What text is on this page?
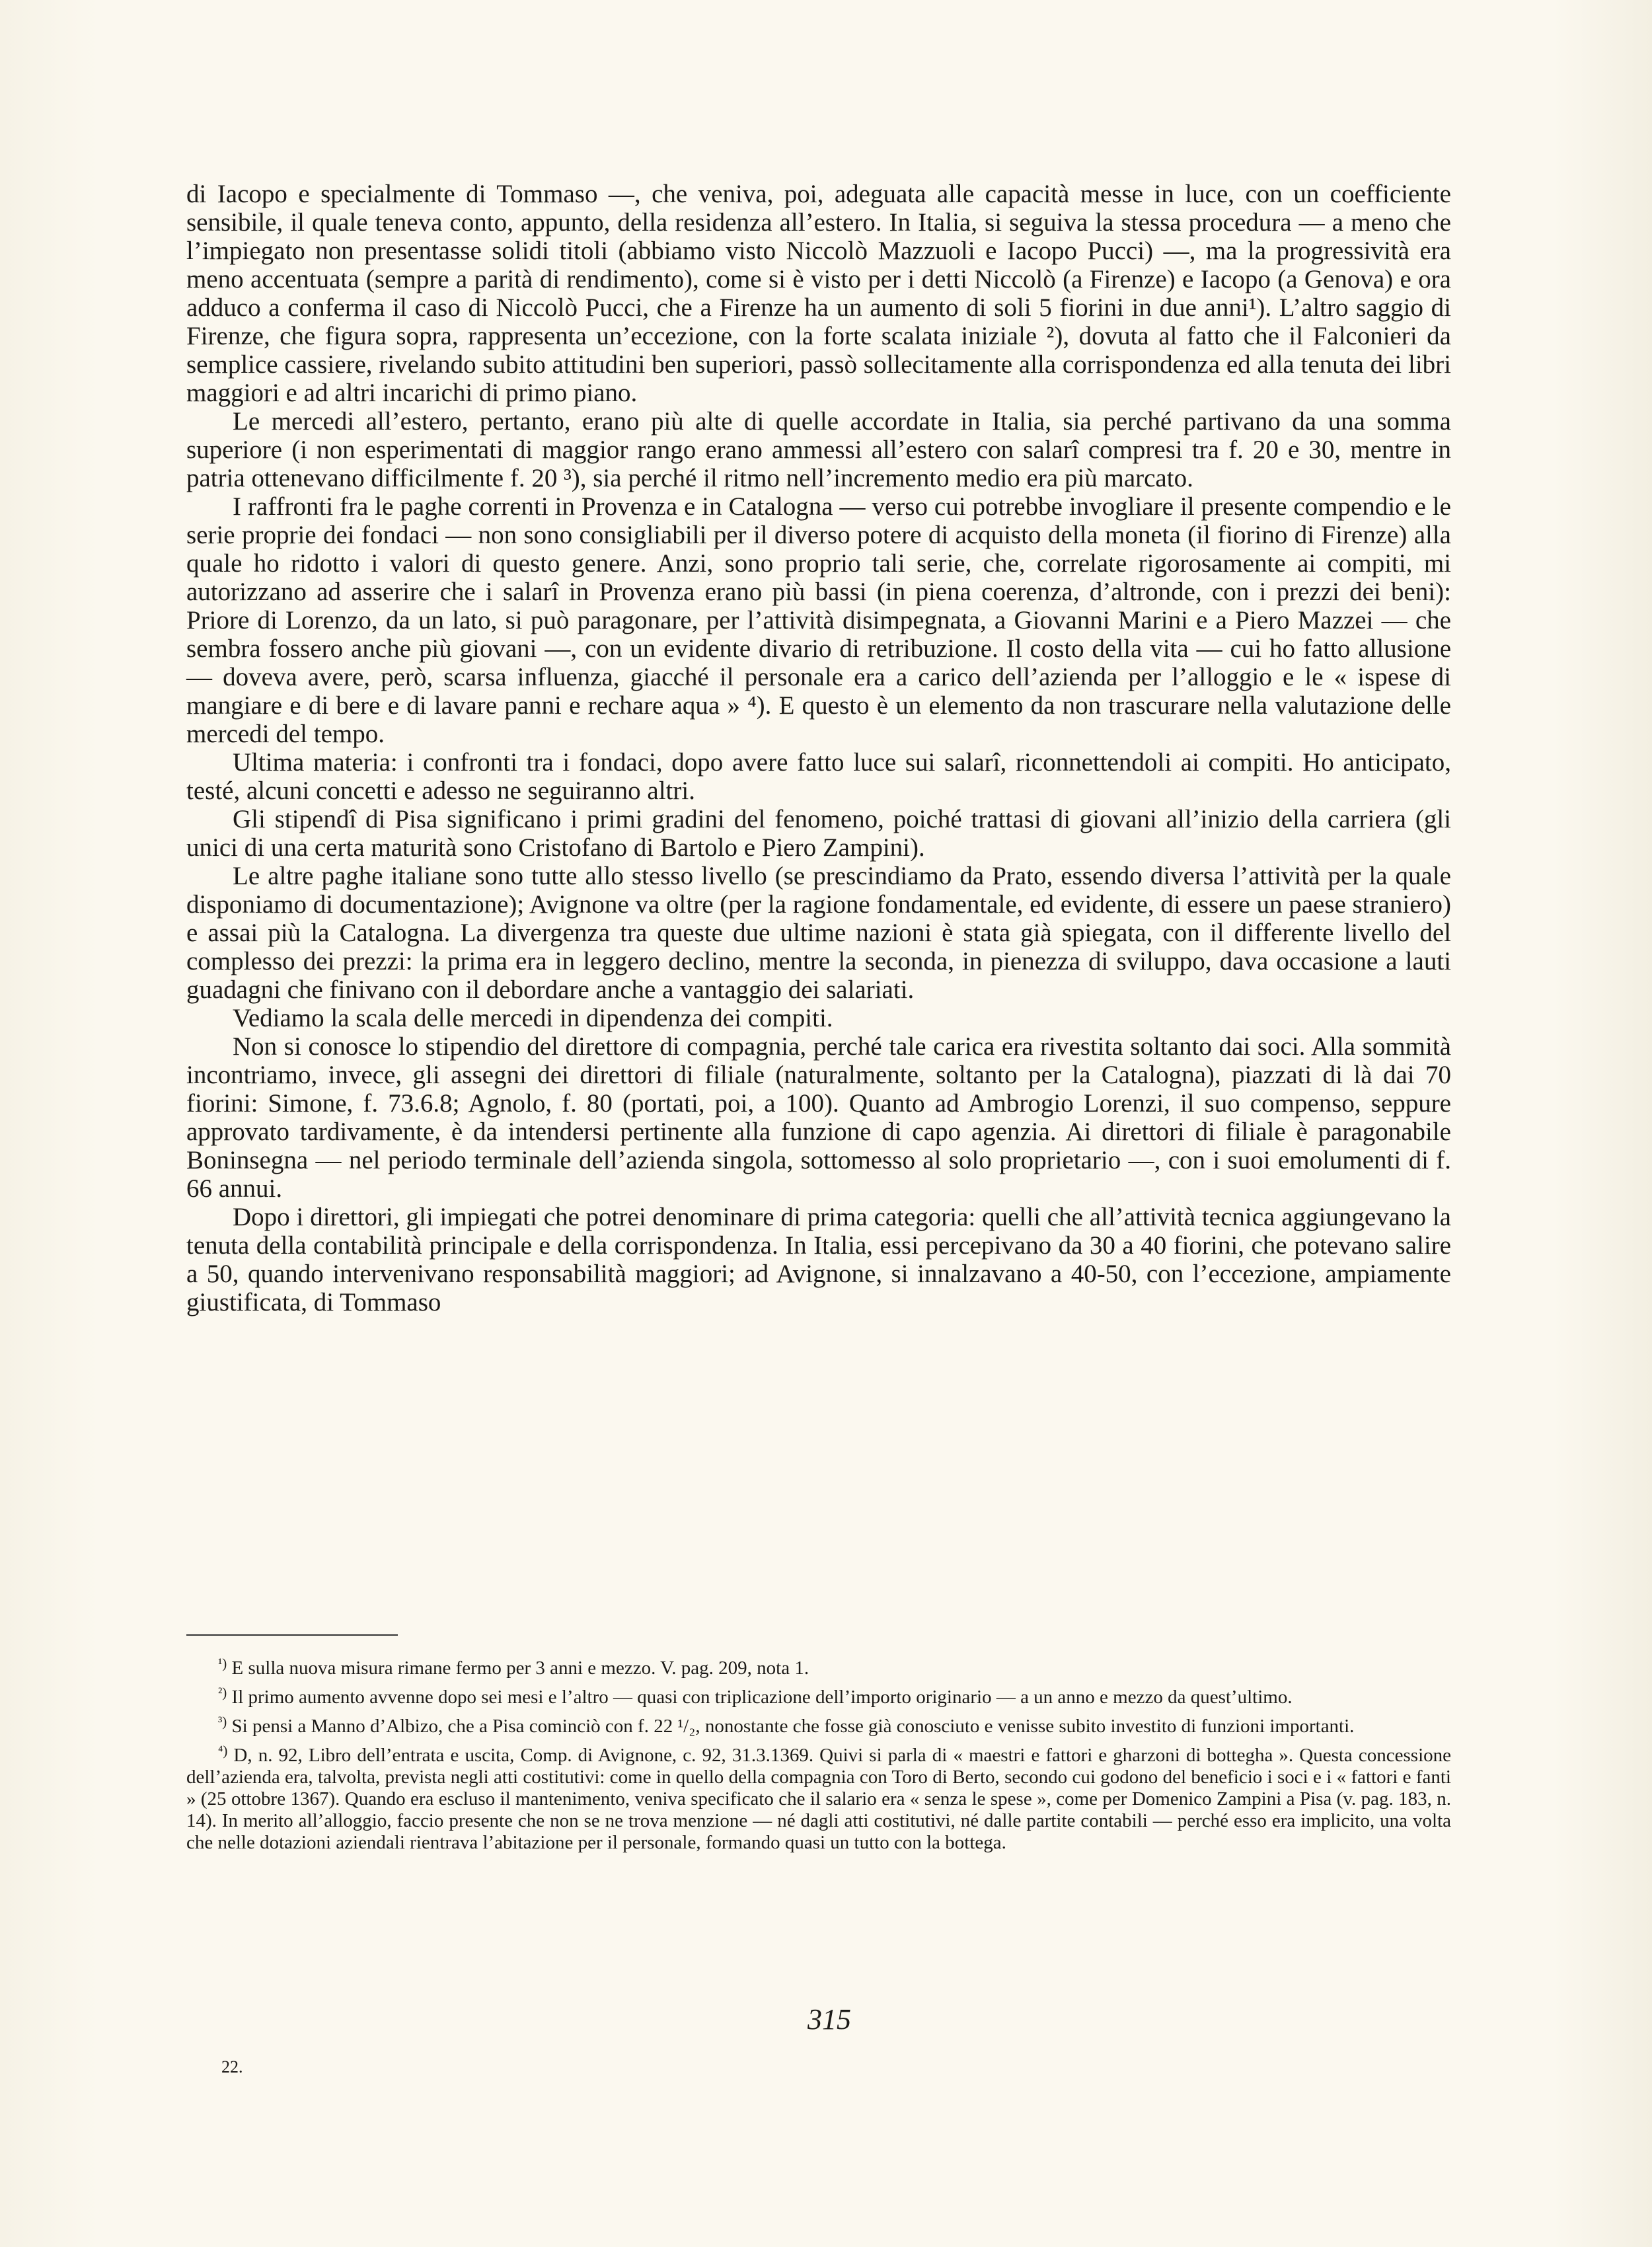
di Iacopo e specialmente di Tommaso —, che veniva, poi, adeguata alle capacità messe in luce, con un coefficiente sensibile, il quale teneva conto, appunto, della residenza all’estero. In Italia, si seguiva la stessa procedura — a meno che l’impiegato non presentasse solidi titoli (abbiamo visto Niccolò Mazzuoli e Iacopo Pucci) —, ma la progressività era meno accentuata (sempre a parità di rendimento), come si è visto per i detti Niccolò (a Firenze) e Iacopo (a Genova) e ora adduco a conferma il caso di Niccolò Pucci, che a Firenze ha un aumento di soli 5 fiorini in due anni¹). L’altro saggio di Firenze, che figura sopra, rappresenta un’eccezione, con la forte scalata iniziale ²), dovuta al fatto che il Falconieri da semplice cassiere, rivelando subito attitudini ben superiori, passò sollecitamente alla corrispondenza ed alla tenuta dei libri maggiori e ad altri incarichi di primo piano.

Le mercedi all’estero, pertanto, erano più alte di quelle accordate in Italia, sia perché partivano da una somma superiore (i non esperimentati di maggior rango erano ammessi all’estero con salarî compresi tra f. 20 e 30, mentre in patria ottenevano difficilmente f. 20 ³), sia perché il ritmo nell’incremento medio era più marcato.

I raffronti fra le paghe correnti in Provenza e in Catalogna — verso cui potrebbe invogliare il presente compendio e le serie proprie dei fondaci — non sono consigliabili per il diverso potere di acquisto della moneta (il fiorino di Firenze) alla quale ho ridotto i valori di questo genere. Anzi, sono proprio tali serie, che, correlate rigorosamente ai compiti, mi autorizzano ad asserire che i salarî in Provenza erano più bassi (in piena coerenza, d’altronde, con i prezzi dei beni): Priore di Lorenzo, da un lato, si può paragonare, per l’attività disimpegnata, a Giovanni Marini e a Piero Mazzei — che sembra fossero anche più giovani —, con un evidente divario di retribuzione. Il costo della vita — cui ho fatto allusione — doveva avere, però, scarsa influenza, giacché il personale era a carico dell’azienda per l’alloggio e le « ispese di mangiare e di bere e di lavare panni e rechare aqua » ⁴). E questo è un elemento da non trascurare nella valutazione delle mercedi del tempo.

Ultima materia: i confronti tra i fondaci, dopo avere fatto luce sui salarî, riconnettendoli ai compiti. Ho anticipato, testé, alcuni concetti e adesso ne seguiranno altri.

Gli stipendî di Pisa significano i primi gradini del fenomeno, poiché trattasi di giovani all’inizio della carriera (gli unici di una certa maturità sono Cristofano di Bartolo e Piero Zampini).

Le altre paghe italiane sono tutte allo stesso livello (se prescindiamo da Prato, essendo diversa l’attività per la quale disponiamo di documentazione); Avignone va oltre (per la ragione fondamentale, ed evidente, di essere un paese straniero) e assai più la Catalogna. La divergenza tra queste due ultime nazioni è stata già spiegata, con il differente livello del complesso dei prezzi: la prima era in leggero declino, mentre la seconda, in pienezza di sviluppo, dava occasione a lauti guadagni che finivano con il debordare anche a vantaggio dei salariati.

Vediamo la scala delle mercedi in dipendenza dei compiti.

Non si conosce lo stipendio del direttore di compagnia, perché tale carica era rivestita soltanto dai soci. Alla sommità incontriamo, invece, gli assegni dei direttori di filiale (naturalmente, soltanto per la Catalogna), piazzati di là dai 70 fiorini: Simone, f. 73.6.8; Agnolo, f. 80 (portati, poi, a 100). Quanto ad Ambrogio Lorenzi, il suo compenso, seppure approvato tardivamente, è da intendersi pertinente alla funzione di capo agenzia. Ai direttori di filiale è paragonabile Boninsegna — nel periodo terminale dell’azienda singola, sottomesso al solo proprietario —, con i suoi emolumenti di f. 66 annui.

Dopo i direttori, gli impiegati che potrei denominare di prima categoria: quelli che all’attività tecnica aggiungevano la tenuta della contabilità principale e della corrispondenza. In Italia, essi percepivano da 30 a 40 fiorini, che potevano salire a 50, quando intervenivano responsabilità maggiori; ad Avignone, si innalzavano a 40-50, con l’eccezione, ampiamente giustificata, di Tommaso

$^{^1)}$ E sulla nuova misura rimane fermo per 3 anni e mezzo. V. pag. 209, nota 1.

$^{^2)}$ Il primo aumento avvenne dopo sei mesi e l’altro — quasi con triplicazione dell’importo originario — a un anno e mezzo da quest’ultimo.

$^{^3)}$ Si pensi a Manno d’Albizo, che a Pisa cominciò con f. 22 ¹/₂, nonostante che fosse già conosciuto e venisse subito investito di funzioni importanti.

$^{^4)}$ D, n. 92, Libro dell’entrata e uscita, Comp. di Avignone, c. 92, 31.3.1369. Quivi si parla di « maestri e fattori e gharzoni di bottegha ». Questa concessione dell’azienda era, talvolta, prevista negli atti costitutivi: come in quello della compagnia con Toro di Berto, secondo cui godono del beneficio i soci e i « fattori e fanti » (25 ottobre 1367). Quando era escluso il mantenimento, veniva specificato che il salario era « senza le spese », come per Domenico Zampini a Pisa (v. pag. 183, n. 14). In merito all’alloggio, faccio presente che non se ne trova menzione — né dagli atti costitutivi, né dalle partite contabili — perché esso era implicito, una volta che nelle dotazioni aziendali rientrava l’abitazione per il personale, formando quasi un tutto con la bottega.

315
22.
